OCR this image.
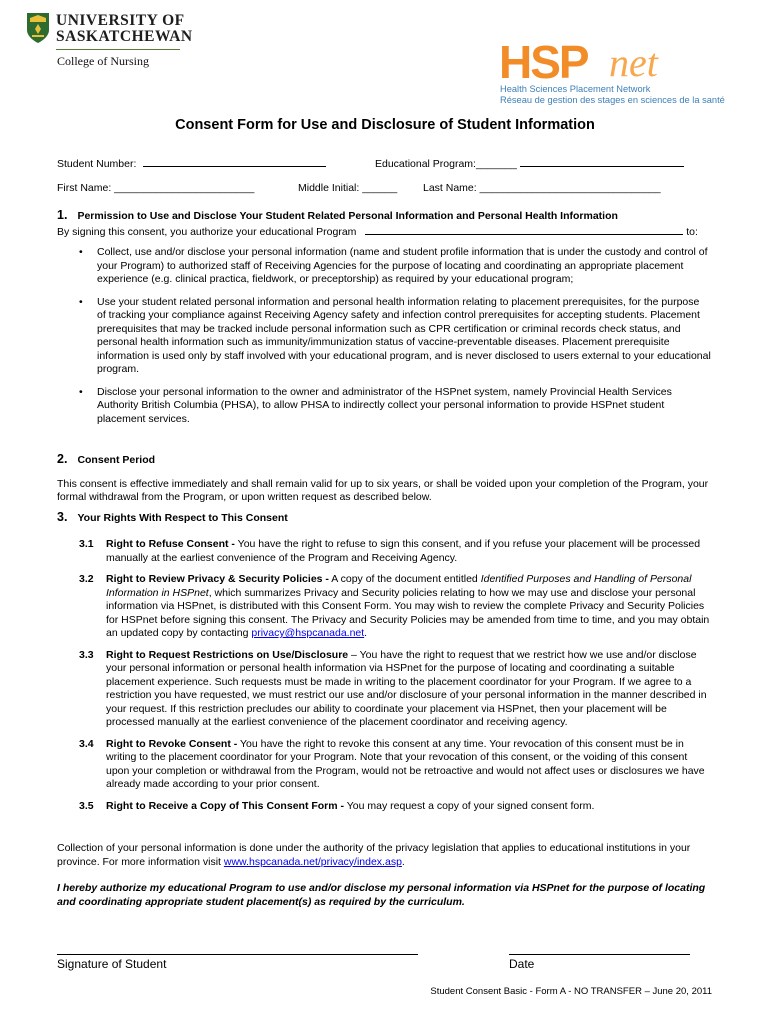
UNIVERSITY OF
SASKATCHEWAN
College of Nursing	HSP net
Health Sciences Placement Network
Réseau de gestion des stages en sciences de la santé
Consent Form for Use and Disclosure of Student Information
Student Number:	Educational Program:_______
First Name: ________________________	Middle Initial: ______ Last Name: _______________________________
1. Permission to Use and Disclose Your Student Related Personal Information and Personal Health Information
By signing this consent, you authorize your educational Program	to:
• Collect, use and/or disclose your personal information (name and student profile information that is under the custody and control of your Program) to authorized staff of Receiving Agencies for the purpose of locating and coordinating an appropriate placement experience (e.g. clinical practica, fieldwork, or preceptorship) as required by your educational program;
• Use your student related personal information and personal health information relating to placement prerequisites, for the purpose of tracking your compliance against Receiving Agency safety and infection control prerequisites for accepting students. Placement prerequisites that may be tracked include personal information such as CPR certification or criminal records check status, and personal health information such as immunity/immunization status of vaccine-preventable diseases. Placement prerequisite information is used only by staff involved with your educational program, and is never disclosed to users external to your educational program.
• Disclose your personal information to the owner and administrator of the HSPnet system, namely Provincial Health Services Authority British Columbia (PHSA), to allow PHSA to indirectly collect your personal information to provide HSPnet student placement services.
2. Consent Period

This consent is effective immediately and shall remain valid for up to six years, or shall be voided upon your completion of the Program, your formal withdrawal from the Program, or upon written request as described below.

3. Your Rights With Respect to This Consent
3.1 Right to Refuse Consent - You have the right to refuse to sign this consent, and if you refuse your placement will be processed manually at the earliest convenience of the Program and Receiving Agency.
3.2 Right to Review Privacy & Security Policies - A copy of the document entitled Identified Purposes and Handling of Personal Information in HSPnet, which summarizes Privacy and Security policies relating to how we may use and disclose your personal information via HSPnet, is distributed with this Consent Form. You may wish to review the complete Privacy and Security Policies for HSPnet before signing this consent. The Privacy and Security Policies may be amended from time to time, and you may obtain an updated copy by contacting privacy@hspcanada.net.
3.3 Right to Request Restrictions on Use/Disclosure – You have the right to request that we restrict how we use and/or disclose your personal information or personal health information via HSPnet for the purpose of locating and coordinating a suitable placement experience. Such requests must be made in writing to the placement coordinator for your Program. If we agree to a restriction you have requested, we must restrict our use and/or disclosure of your personal information in the manner described in your request. If this restriction precludes our ability to coordinate your placement via HSPnet, then your placement will be processed manually at the earliest convenience of the placement coordinator and receiving agency.
3.4 Right to Revoke Consent - You have the right to revoke this consent at any time. Your revocation of this consent must be in writing to the placement coordinator for your Program. Note that your revocation of this consent, or the voiding of this consent upon your completion or withdrawal from the Program, would not be retroactive and would not affect uses or disclosures we have already made according to your prior consent.
3.5 Right to Receive a Copy of This Consent Form - You may request a copy of your signed consent form.
Collection of your personal information is done under the authority of the privacy legislation that applies to educational institutions in your province. For more information visit www.hspcanada.net/privacy/index.asp.
I hereby authorize my educational Program to use and/or disclose my personal information via HSPnet for the purpose of locating and coordinating appropriate student placement(s) as required by the curriculum.
Signature of Student	Date
Student Consent Basic - Form A - NO TRANSFER – June 20, 2011
